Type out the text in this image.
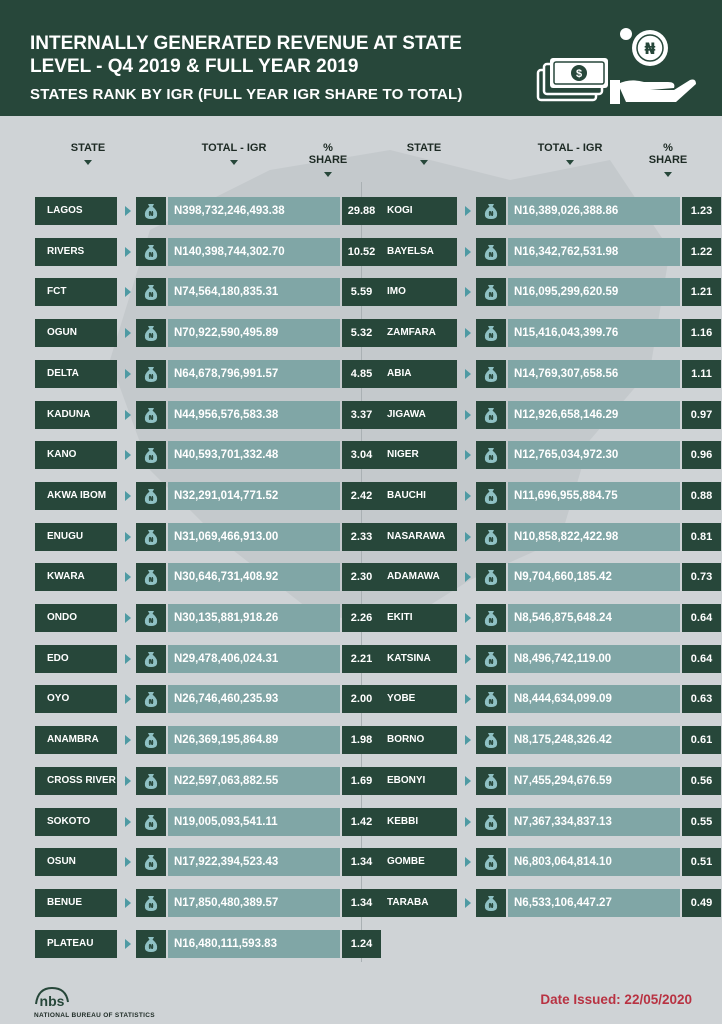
INTERNALLY GENERATED REVENUE AT STATE LEVEL - Q4 2019 & FULL YEAR 2019
STATES RANK BY IGR (FULL YEAR IGR SHARE TO TOTAL)
$
₦
STATE	TOTAL - IGR	%
SHARE
STATE	TOTAL - IGR	%
SHARE
LAGOS	₦	N398,732,246,493.38	29.88
RIVERS	₦	N140,398,744,302.70	10.52
FCT	₦	N74,564,180,835.31	5.59
OGUN	₦	N70,922,590,495.89	5.32
DELTA	₦	N64,678,796,991.57	4.85
KADUNA	₦	N44,956,576,583.38	3.37
KANO	₦	N40,593,701,332.48	3.04
AKWA IBOM	₦	N32,291,014,771.52	2.42
ENUGU	₦	N31,069,466,913.00	2.33
KWARA	₦	N30,646,731,408.92	2.30
ONDO	₦	N30,135,881,918.26	2.26
EDO	₦	N29,478,406,024.31	2.21
OYO	₦	N26,746,460,235.93	2.00
ANAMBRA	₦	N26,369,195,864.89	1.98
CROSS RIVER	₦	N22,597,063,882.55	1.69
SOKOTO	₦	N19,005,093,541.11	1.42
OSUN	₦	N17,922,394,523.43	1.34
BENUE	₦	N17,850,480,389.57	1.34
PLATEAU	₦	N16,480,111,593.83	1.24
KOGI	₦	N16,389,026,388.86	1.23
BAYELSA	₦	N16,342,762,531.98	1.22
IMO	₦	N16,095,299,620.59	1.21
ZAMFARA	₦	N15,416,043,399.76	1.16
ABIA	₦	N14,769,307,658.56	1.11
JIGAWA	₦	N12,926,658,146.29	0.97
NIGER	₦	N12,765,034,972.30	0.96
BAUCHI	₦	N11,696,955,884.75	0.88
NASARAWA	₦	N10,858,822,422.98	0.81
ADAMAWA	₦	N9,704,660,185.42	0.73
EKITI	₦	N8,546,875,648.24	0.64
KATSINA	₦	N8,496,742,119.00	0.64
YOBE	₦	N8,444,634,099.09	0.63
BORNO	₦	N8,175,248,326.42	0.61
EBONYI	₦	N7,455,294,676.59	0.56
KEBBI	₦	N7,367,334,837.13	0.55
GOMBE	₦	N6,803,064,814.10	0.51
TARABA	₦	N6,533,106,447.27	0.49
nbs
NATIONAL BUREAU OF STATISTICS
Date Issued: 22/05/2020
